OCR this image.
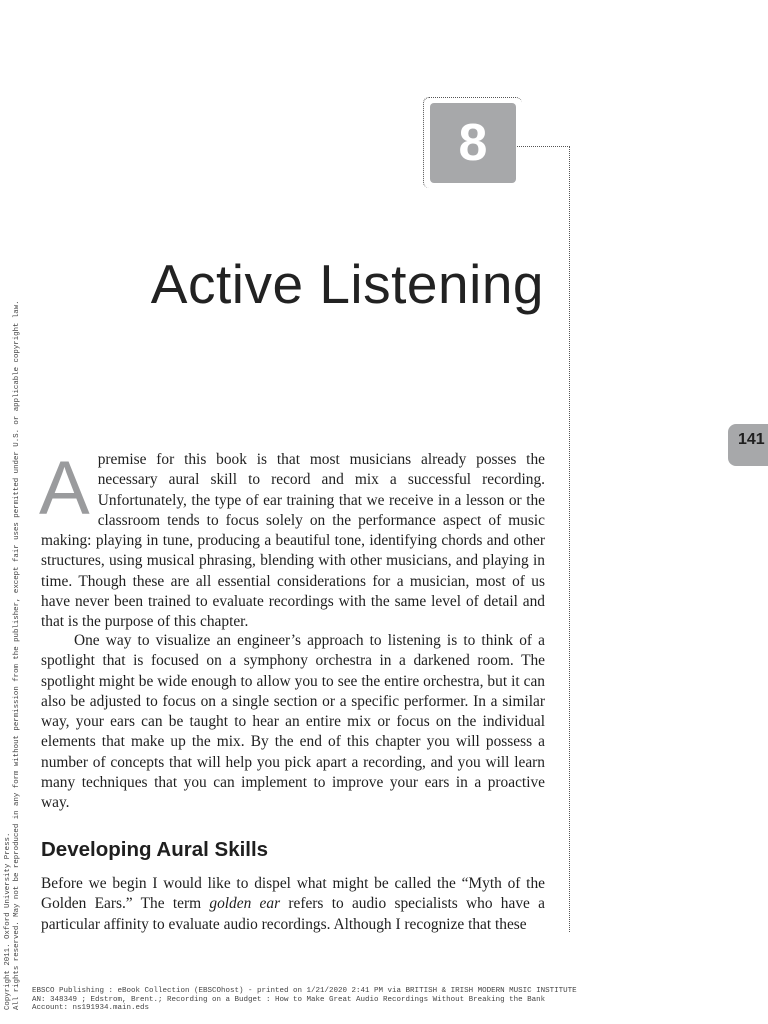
8
Active Listening
141

A premise for this book is that most musicians already posses the necessary aural skill to record and mix a successful recording. Unfortunately, the type of ear training that we receive in a lesson or the classroom tends to focus solely on the performance aspect of music making: playing in tune, producing a beautiful tone, identifying chords and other structures, using musical phrasing, blending with other musicians, and playing in time. Though these are all essential considerations for a musician, most of us have never been trained to evaluate recordings with the same level of detail and that is the purpose of this chapter.

One way to visualize an engineer’s approach to listening is to think of a spotlight that is focused on a symphony orchestra in a darkened room. The spotlight might be wide enough to allow you to see the entire orchestra, but it can also be adjusted to focus on a single section or a specific performer. In a similar way, your ears can be taught to hear an entire mix or focus on the individual elements that make up the mix. By the end of this chapter you will possess a number of concepts that will help you pick apart a recording, and you will learn many techniques that you can implement to improve your ears in a proactive way.

Developing Aural Skills

Before we begin I would like to dispel what might be called the “Myth of the Golden Ears.” The term golden ear refers to audio specialists who have a particular affinity to evaluate audio recordings. Although I recognize that these

Copyright 2011. Oxford University Press.
All rights reserved. May not be reproduced in any form without permission from the publisher, except fair uses permitted under U.S. or applicable copyright law. EBSCO Publishing : eBook Collection (EBSCOhost) - printed on 1/21/2020 2:41 PM via BRITISH & IRISH MODERN MUSIC INSTITUTE
AN: 348349 ; Edstrom, Brent.; Recording on a Budget : How to Make Great Audio Recordings Without Breaking the Bank
Account: ns191934.main.eds
